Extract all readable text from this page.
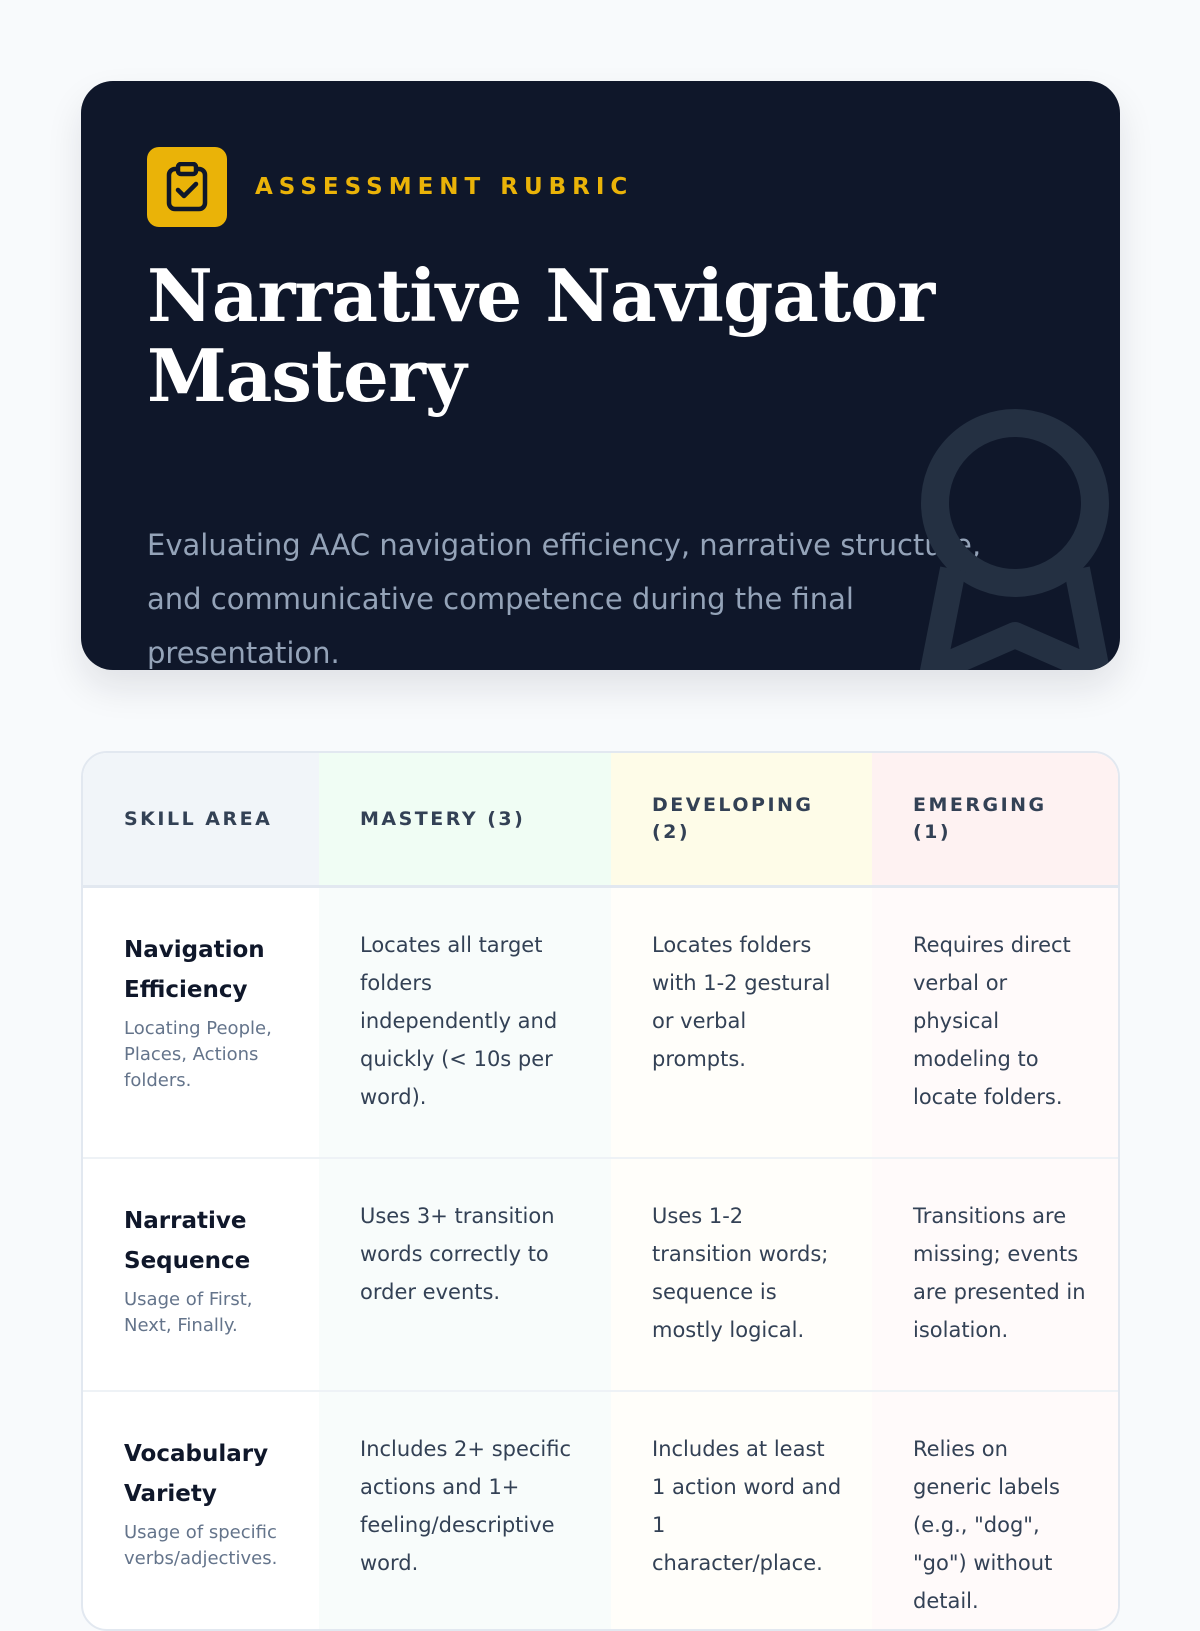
ASSESSMENT RUBRIC
Narrative Navigator Mastery
Evaluating AAC navigation efficiency, narrative structure, and communicative competence during the final presentation.
SKILL AREA	MASTERY (3)
DEVELOPING (2)
EMERGING (1)
Navigation Efficiency
Locating People, Places, Actions folders.
Locates all target folders independently and quickly (< 10s per word).
Locates folders with 1-2 gestural or verbal prompts.
Requires direct verbal or physical modeling to locate folders.
Narrative Sequence
Usage of First, Next, Finally.
Uses 3+ transition words correctly to order events.
Uses 1-2 transition words; sequence is mostly logical.
Transitions are missing; events are presented in isolation.
Vocabulary Variety
Usage of specific verbs/adjectives.
Includes 2+ specific actions and 1+ feeling/descriptive word.
Includes at least 1 action word and 1 character/place.
Relies on generic labels (e.g., "dog", "go") without detail.
